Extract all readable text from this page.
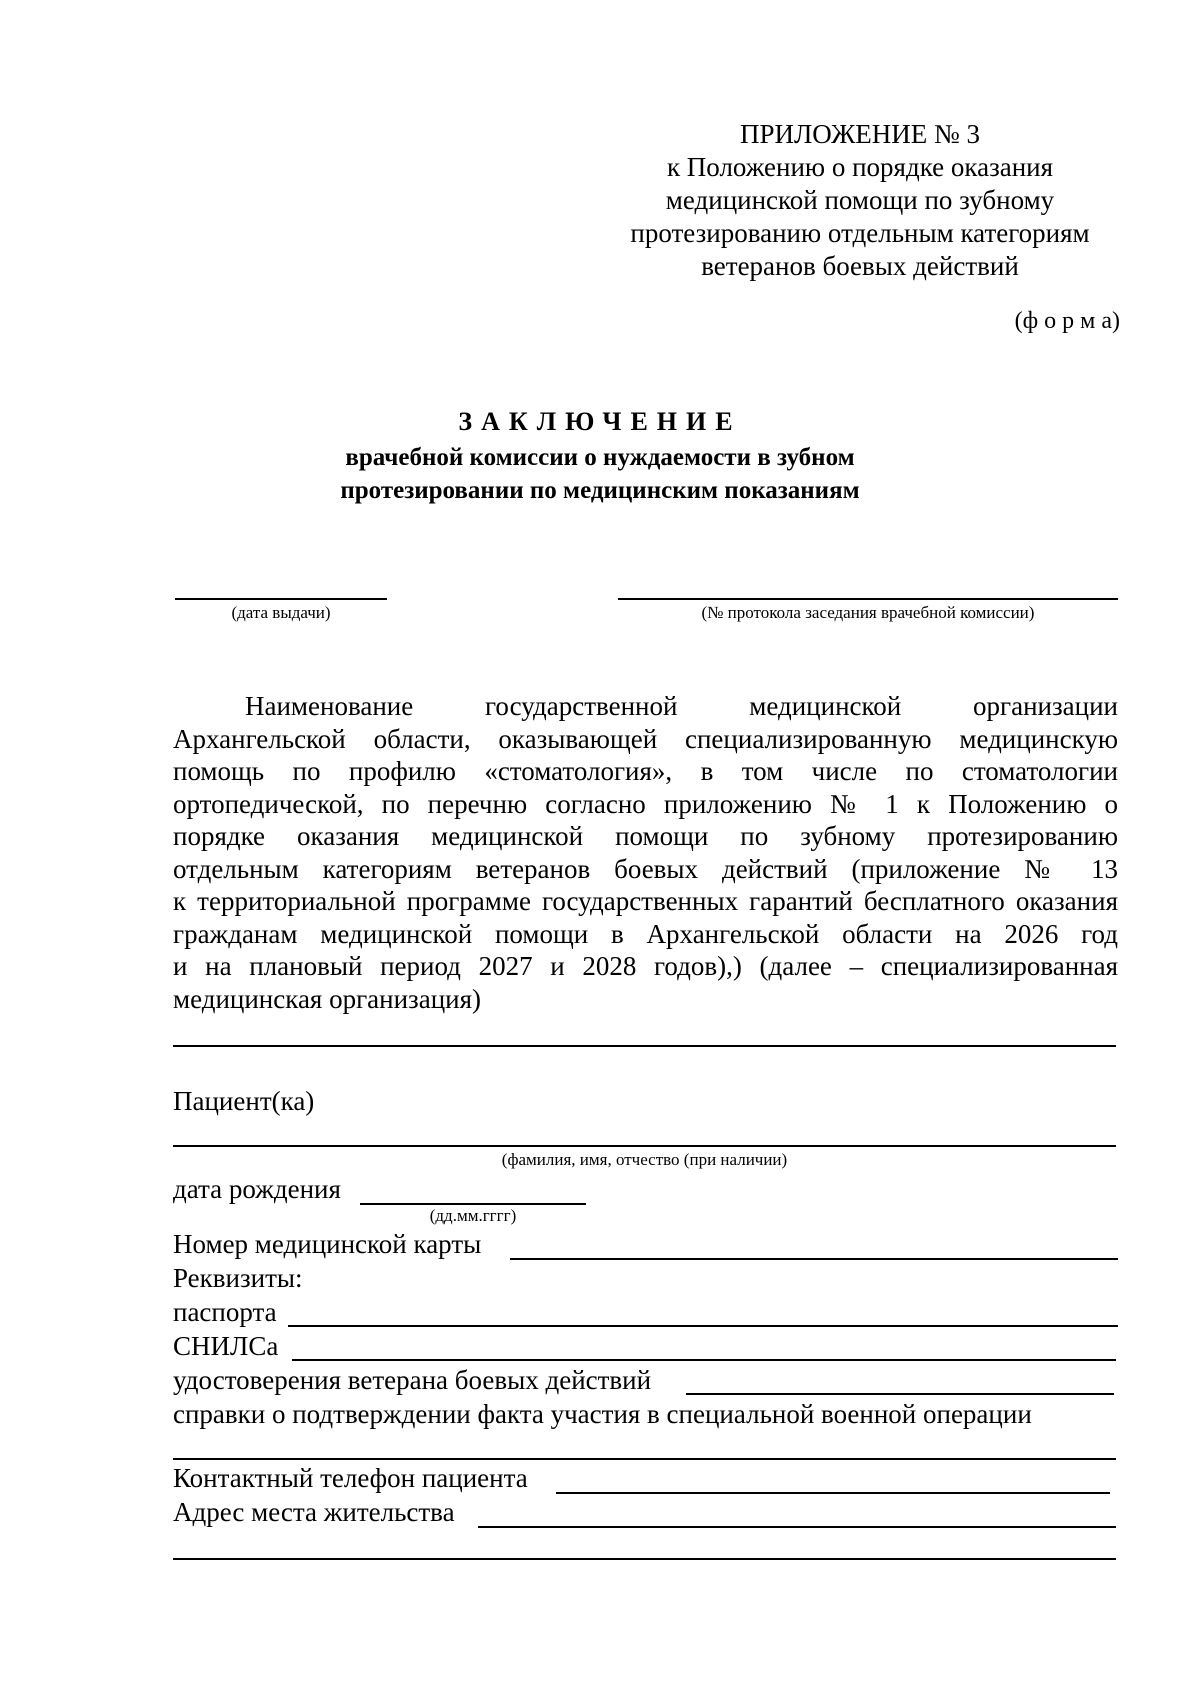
ПРИЛОЖЕНИЕ № 3
к Положению о порядке оказания
медицинской помощи по зубному
протезированию отдельным категориям
ветеранов боевых действий
(ф о р м а)
ЗАКЛЮЧЕНИЕ
врачебной комиссии о нуждаемости в зубном
протезировании по медицинским показаниям
(дата выдачи)	(№ протокола заседания врачебной комиссии)
Наименование государственной медицинской организации
Архангельской области, оказывающей специализированную медицинскую
помощь по профилю «стоматология», в том числе по стоматологии
ортопедической, по перечню согласно приложению № 1 к Положению о
порядке оказания медицинской помощи по зубному протезированию
отдельным категориям ветеранов боевых действий (приложение № 13
к территориальной программе государственных гарантий бесплатного оказания
гражданам медицинской помощи в Архангельской области на 2026 год
и на плановый период 2027 и 2028 годов),) (далее – специализированная
медицинская организация)
Пациент(ка)
(фамилия, имя, отчество (при наличии)
дата рождения
(дд.мм.гггг)
Номер медицинской карты
Реквизиты:
паспорта
СНИЛСа
удостоверения ветерана боевых действий
справки о подтверждении факта участия в специальной военной операции
Контактный телефон пациента
Адрес места жительства
